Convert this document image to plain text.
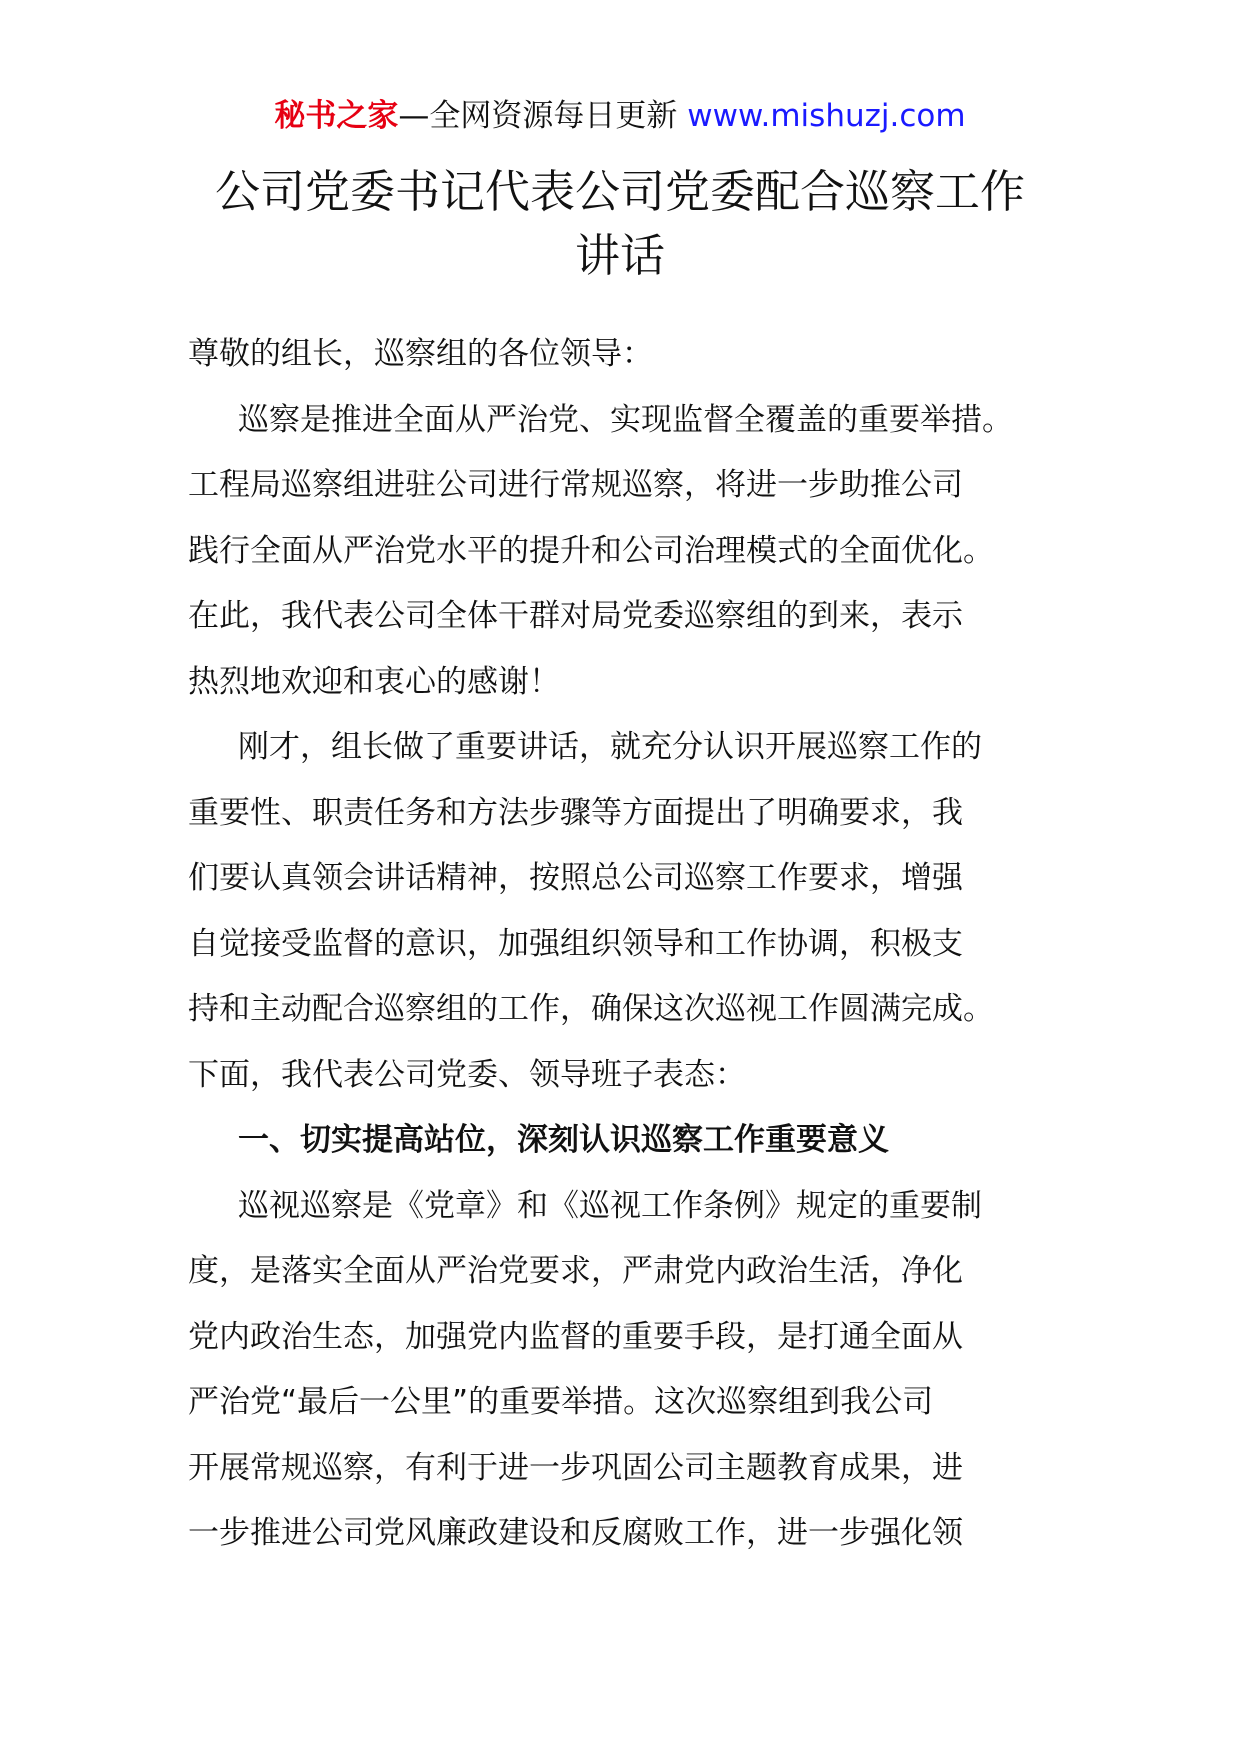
秘书之家—全网资源每日更新 www.mishuzj.com
公司党委书记代表公司党委配合巡察工作
讲话

尊敬的组长，巡察组的各位领导：

巡察是推进全面从严治党、实现监督全覆盖的重要举措。
工程局巡察组进驻公司进行常规巡察，将进一步助推公司
践行全面从严治党水平的提升和公司治理模式的全面优化。
在此，我代表公司全体干群对局党委巡察组的到来，表示
热烈地欢迎和衷心的感谢！

刚才，组长做了重要讲话，就充分认识开展巡察工作的
重要性、职责任务和方法步骤等方面提出了明确要求，我
们要认真领会讲话精神，按照总公司巡察工作要求，增强
自觉接受监督的意识，加强组织领导和工作协调，积极支
持和主动配合巡察组的工作，确保这次巡视工作圆满完成。
下面，我代表公司党委、领导班子表态：

一、切实提高站位，深刻认识巡察工作重要意义

巡视巡察是《党章》和《巡视工作条例》规定的重要制
度，是落实全面从严治党要求，严肃党内政治生活，净化
党内政治生态，加强党内监督的重要手段，是打通全面从
严治党“最后一公里”的重要举措。这次巡察组到我公司
开展常规巡察，有利于进一步巩固公司主题教育成果，进
一步推进公司党风廉政建设和反腐败工作，进一步强化领
